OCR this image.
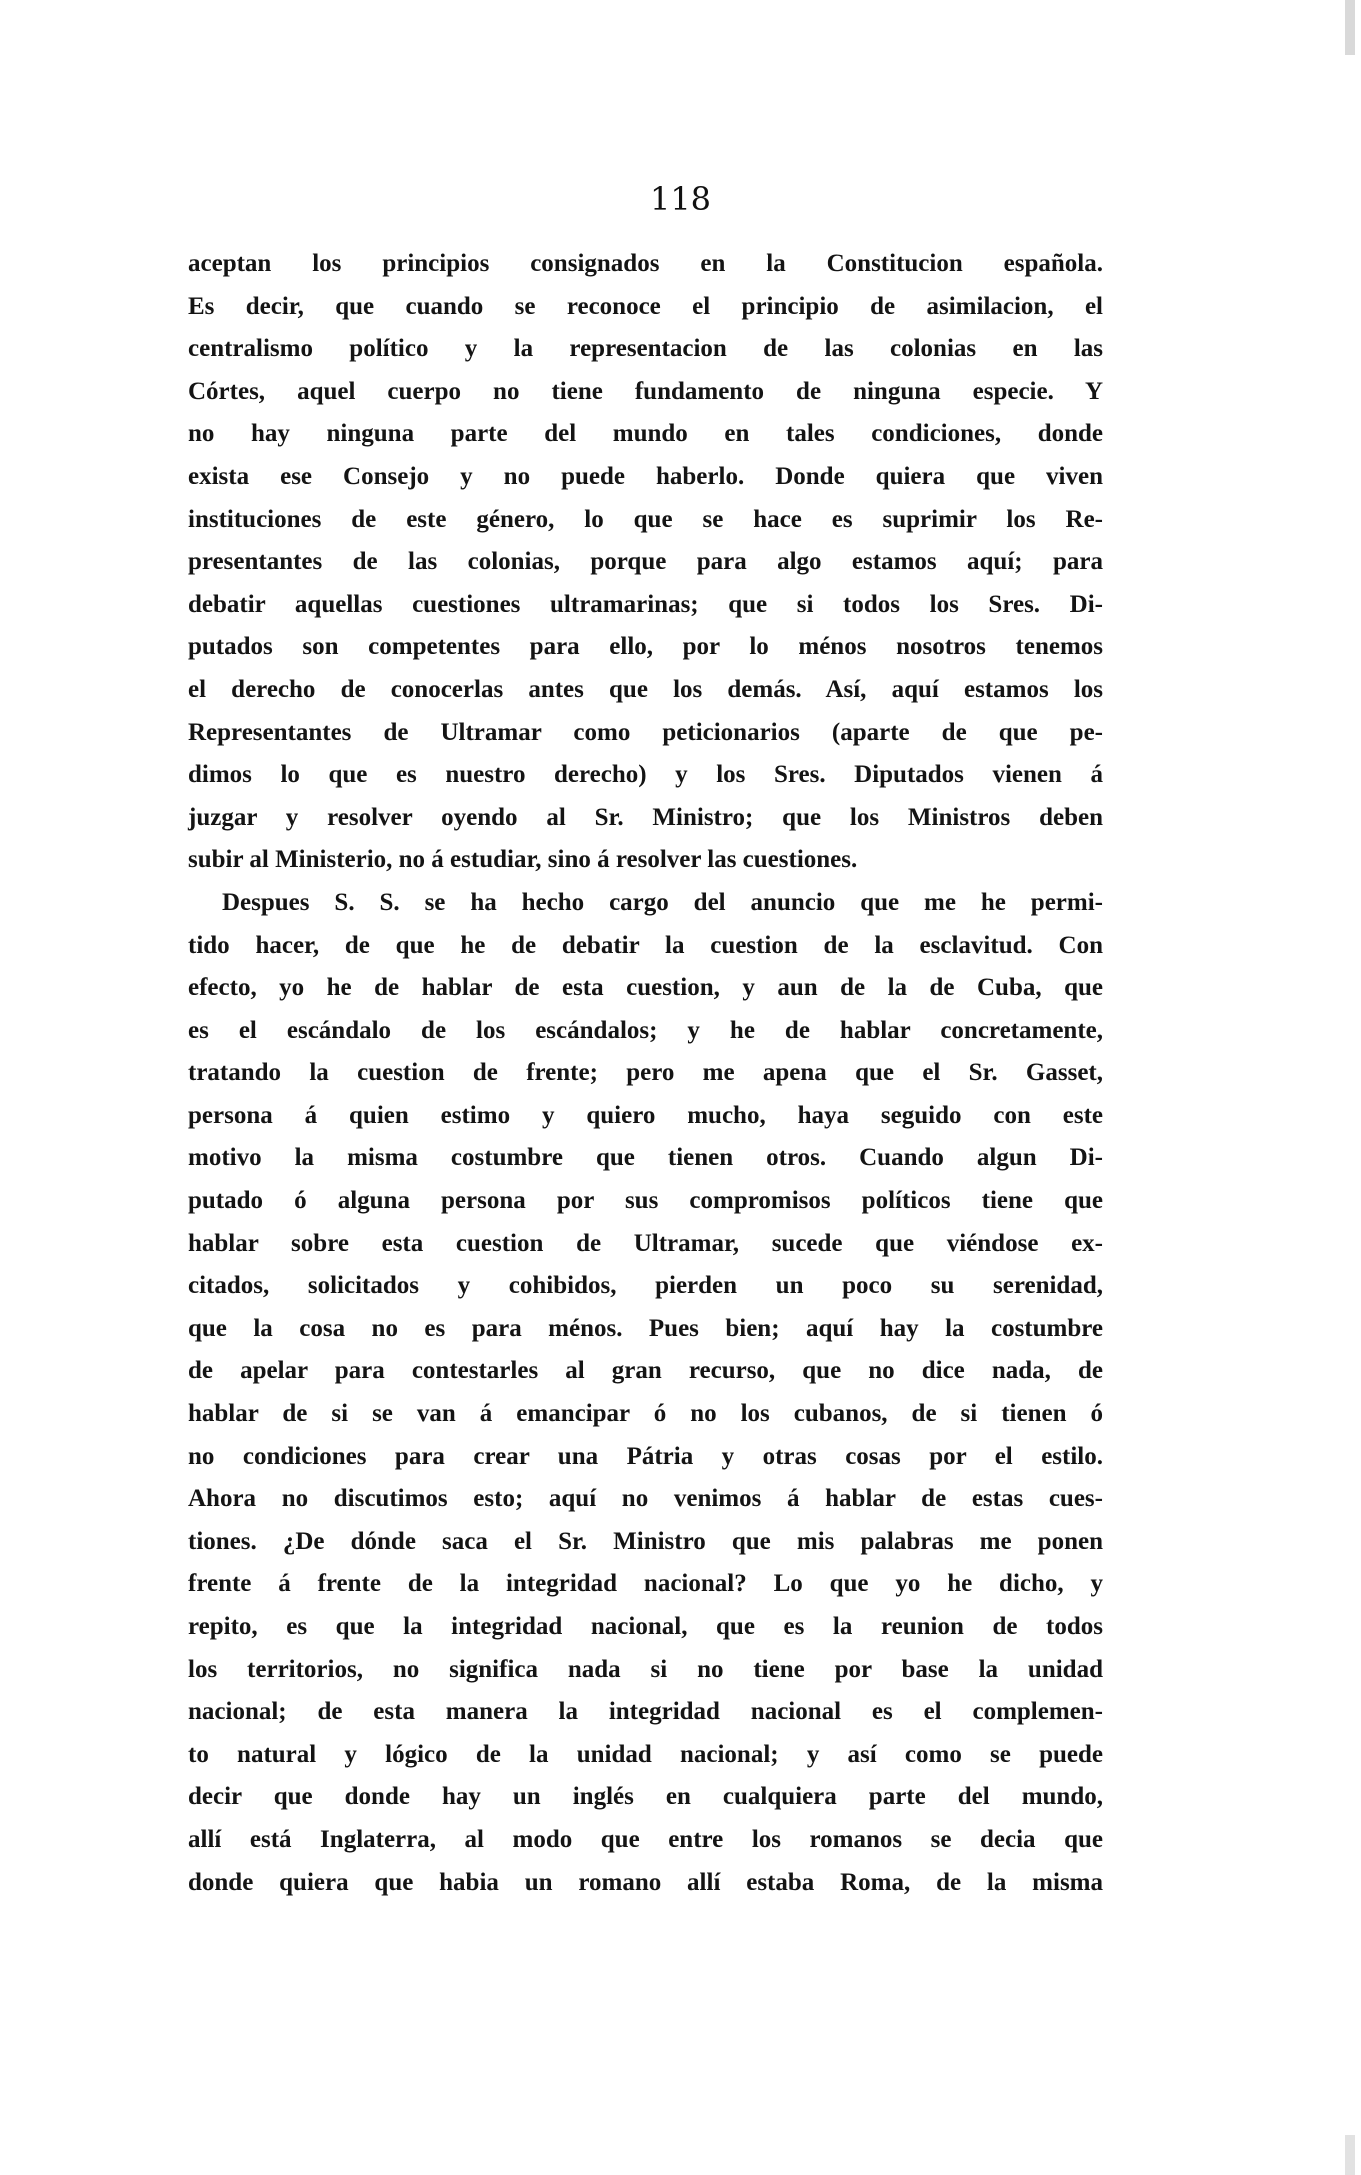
118

aceptan los principios consignados en la Constitucion española.
Es decir, que cuando se reconoce el principio de asimilacion, el
centralismo político y la representacion de las colonias en las
Córtes, aquel cuerpo no tiene fundamento de ninguna especie. Y
no hay ninguna parte del mundo en tales condiciones, donde
exista ese Consejo y no puede haberlo. Donde quiera que viven
instituciones de este género, lo que se hace es suprimir los Re-
presentantes de las colonias, porque para algo estamos aquí; para
debatir aquellas cuestiones ultramarinas; que si todos los Sres. Di-
putados son competentes para ello, por lo ménos nosotros tenemos
el derecho de conocerlas antes que los demás. Así, aquí estamos los
Representantes de Ultramar como peticionarios (aparte de que pe-
dimos lo que es nuestro derecho) y los Sres. Diputados vienen á
juzgar y resolver oyendo al Sr. Ministro; que los Ministros deben
subir al Ministerio, no á estudiar, sino á resolver las cuestiones.
Despues S. S. se ha hecho cargo del anuncio que me he permi-
tido hacer, de que he de debatir la cuestion de la esclavitud. Con
efecto, yo he de hablar de esta cuestion, y aun de la de Cuba, que
es el escándalo de los escándalos; y he de hablar concretamente,
tratando la cuestion de frente; pero me apena que el Sr. Gasset,
persona á quien estimo y quiero mucho, haya seguido con este
motivo la misma costumbre que tienen otros. Cuando algun Di-
putado ó alguna persona por sus compromisos políticos tiene que
hablar sobre esta cuestion de Ultramar, sucede que viéndose ex-
citados, solicitados y cohibidos, pierden un poco su serenidad,
que la cosa no es para ménos. Pues bien; aquí hay la costumbre
de apelar para contestarles al gran recurso, que no dice nada, de
hablar de si se van á emancipar ó no los cubanos, de si tienen ó
no condiciones para crear una Pátria y otras cosas por el estilo.
Ahora no discutimos esto; aquí no venimos á hablar de estas cues-
tiones. ¿De dónde saca el Sr. Ministro que mis palabras me ponen
frente á frente de la integridad nacional? Lo que yo he dicho, y
repito, es que la integridad nacional, que es la reunion de todos
los territorios, no significa nada si no tiene por base la unidad
nacional; de esta manera la integridad nacional es el complemen-
to natural y lógico de la unidad nacional; y así como se puede
decir que donde hay un inglés en cualquiera parte del mundo,
allí está Inglaterra, al modo que entre los romanos se decia que
donde quiera que habia un romano allí estaba Roma, de la misma
